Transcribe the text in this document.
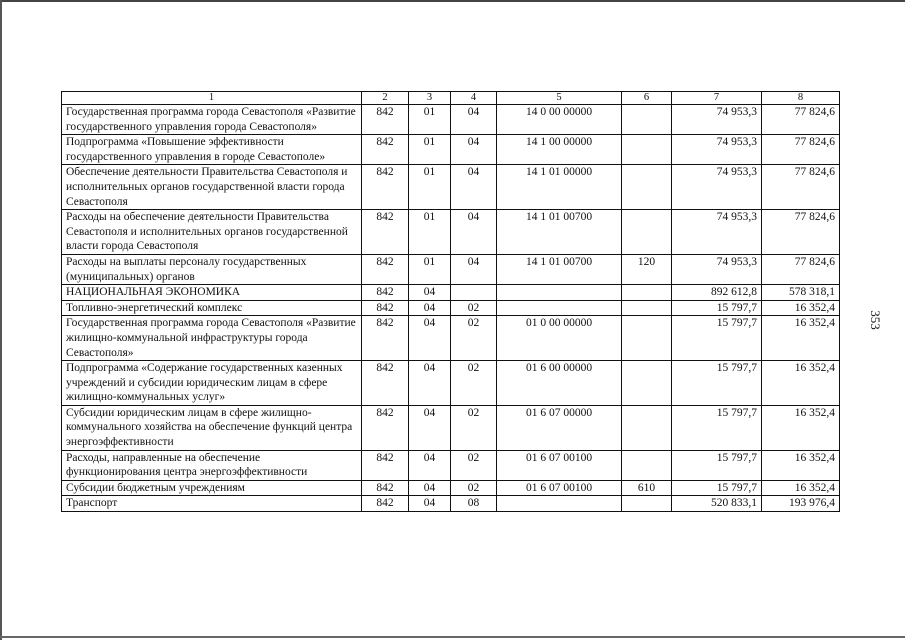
353
1	2	3	4	5	6	7	8
Государственная программа города Севастополя «Развитие государственного управления города Севастополя»	842	01	04	14 0 00 00000		74 953,3	77 824,6
Подпрограмма «Повышение эффективности государственного управления в городе Севастополе»	842	01	04	14 1 00 00000		74 953,3	77 824,6
Обеспечение деятельности Правительства Севастополя и исполнительных органов государственной власти города Севастополя	842	01	04	14 1 01 00000		74 953,3	77 824,6
Расходы на обеспечение деятельности Правительства Севастополя и исполнительных органов государственной власти города Севастополя	842	01	04	14 1 01 00700		74 953,3	77 824,6
Расходы на выплаты персоналу государственных (муниципальных) органов	842	01	04	14 1 01 00700	120	74 953,3	77 824,6
НАЦИОНАЛЬНАЯ ЭКОНОМИКА	842	04				892 612,8	578 318,1
Топливно-энергетический комплекс	842	04	02			15 797,7	16 352,4
Государственная программа города Севастополя «Развитие жилищно-коммунальной инфраструктуры города Севастополя»	842	04	02	01 0 00 00000		15 797,7	16 352,4
Подпрограмма «Содержание государственных казенных учреждений и субсидии юридическим лицам в сфере жилищно-коммунальных услуг»	842	04	02	01 6 00 00000		15 797,7	16 352,4
Субсидии юридическим лицам в сфере жилищно-коммунального хозяйства на обеспечение функций центра энергоэффективности	842	04	02	01 6 07 00000		15 797,7	16 352,4
Расходы, направленные на обеспечение функционирования центра энергоэффективности	842	04	02	01 6 07 00100		15 797,7	16 352,4
Субсидии бюджетным учреждениям	842	04	02	01 6 07 00100	610	15 797,7	16 352,4
Транспорт	842	04	08			520 833,1	193 976,4
